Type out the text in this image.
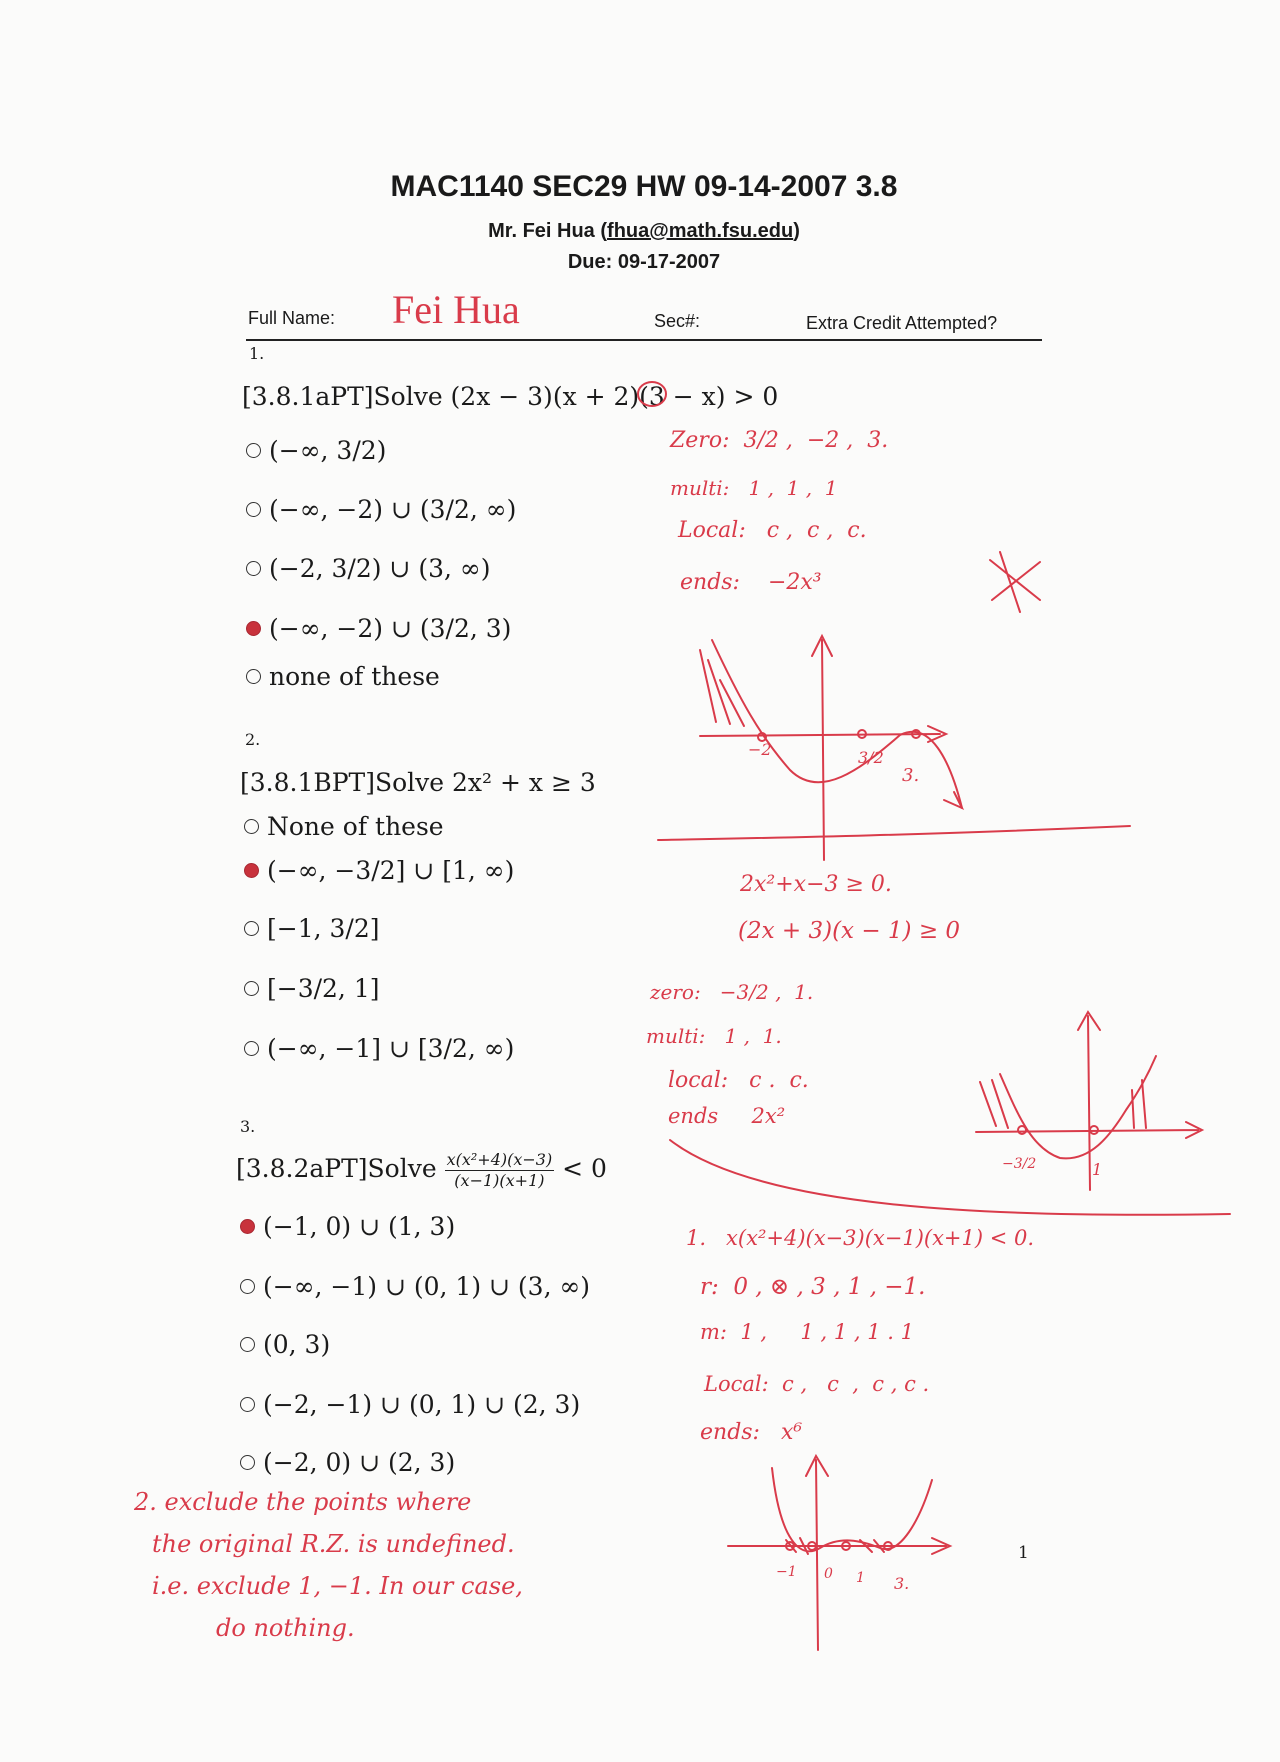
MAC1140 SEC29 HW 09-14-2007 3.8
Mr. Fei Hua (fhua@math.fsu.edu)
Due: 09-17-2007
Full Name: Fei Hua	Sec#:	Extra Credit Attempted?
1.
[3.8.1aPT]Solve (2x − 3)(x + 2)(3 − x) > 0
(−∞, 3/2)
(−∞, −2) ∪ (3/2, ∞)
(−2, 3/2) ∪ (3, ∞)
(−∞, −2) ∪ (3/2, 3)
none of these
2.
[3.8.1BPT]Solve 2x² + x ≥ 3
None of these
(−∞, −3/2] ∪ [1, ∞)
[−1, 3/2]
[−3/2, 1]
(−∞, −1] ∪ [3/2, ∞)
3.
[3.8.2aPT]Solve $\frac{\text{x(x²+4)(x−3)}}{(x-1)(x+1)} < 0$
(−1, 0) ∪ (1, 3)
(−∞, −1) ∪ (0, 1) ∪ (3, ∞)
(0, 3)
(−2, −1) ∪ (0, 1) ∪ (2, 3)
(−2, 0) ∪ (2, 3)
1
Zero:  3/2 ,  −2 ,  3.
multi:   1 ,  1 ,  1
Local:   c ,  c ,  c.
ends:    −2x³
−2	3/2
3.
2x²+x−3 ≥ 0.
(2x + 3)(x − 1) ≥ 0
zero:   −3/2 ,  1.
multi:   1 ,  1.
local:   c .  c.
ends     2x²
−3/2	1
1.   x(x²+4)(x−3)(x−1)(x+1) < 0.
r:  0 , ⊗ , 3 , 1 , −1.
m:  1 ,     1 , 1 , 1 . 1
Local:  c ,   c  ,  c , c .
ends:   x⁶
−1 0 1 3.
2. exclude the points where
the original R.Z. is undefined.
i.e. exclude 1, −1. In our case,
do nothing.
